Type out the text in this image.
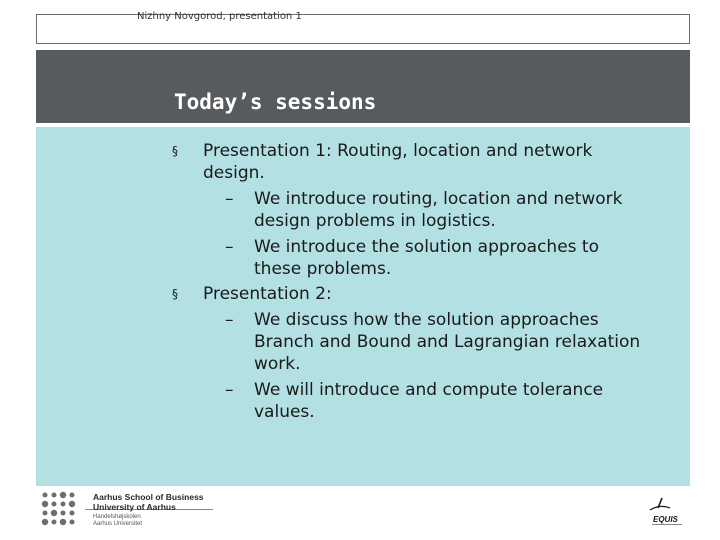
Nizhny Novgorod, presentation 1
Today’s sessions
§ Presentation 1: Routing, location and network
design.
– We introduce routing, location and network
design problems in logistics.
– We introduce the solution approaches to
these problems.
§ Presentation 2:
– We discuss how the solution approaches
Branch and Bound and Lagrangian relaxation
work.
– We will introduce and compute tolerance
values.
Aarhus School of Business
University of Aarhus
Handelshøjskolen
Aarhus Universitet	EQUIS
